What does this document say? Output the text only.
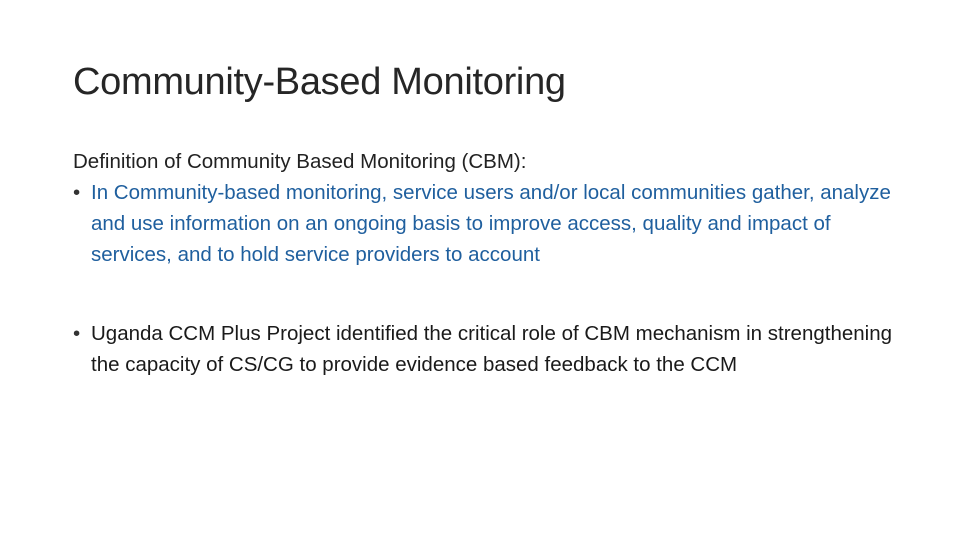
Community-Based Monitoring
Definition of Community Based Monitoring (CBM):
• In Community-based monitoring, service users and/or local communities gather, analyze and use information on an ongoing basis to improve access, quality and impact of services, and to hold service providers to account
• Uganda CCM Plus Project identified the critical role of CBM mechanism in strengthening the capacity of CS/CG to provide evidence based feedback to the CCM
